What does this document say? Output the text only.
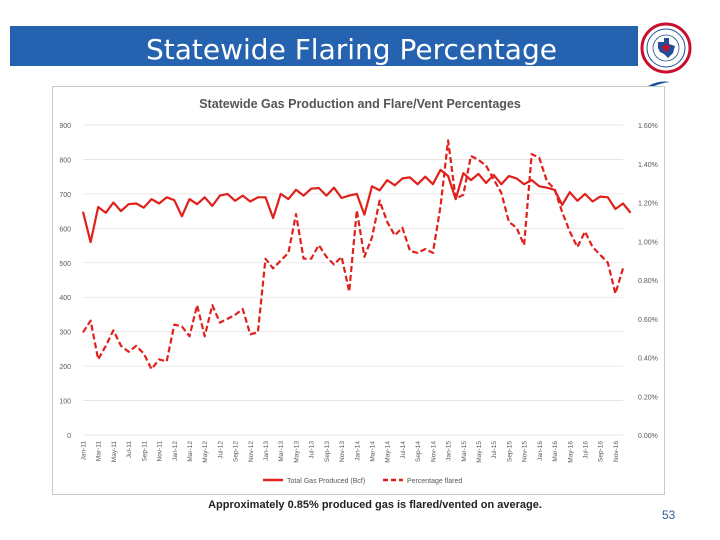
Statewide Flaring Percentage
Statewide Gas Production and Flare/Vent Percentages
0
100
200
300
400
500
600
700
800
900
0.00%
0.20%
0.40%
0.60%
0.80%
1.00%
1.20%
1.40%
1.60%
Jan-11 Mar-11 May-11 Jul-11 Sep-11 Nov-11 Jan-12 Mar-12 May-12 Jul-12 Sep-12 Nov-12 Jan-13 Mar-13 May-13 Jul-13 Sep-13 Nov-13 Jan-14 Mar-14 May-14 Jul-14 Sep-14 Nov-14 Jan-15 Mar-15 May-15 Jul-15 Sep-15 Nov-15 Jan-16 Mar-16 May-16 Jul-16 Sep-16 Nov-16
Total Gas Produced (Bcf)	Percentage flared
Approximately 0.85% produced gas is flared/vented on average.
53
